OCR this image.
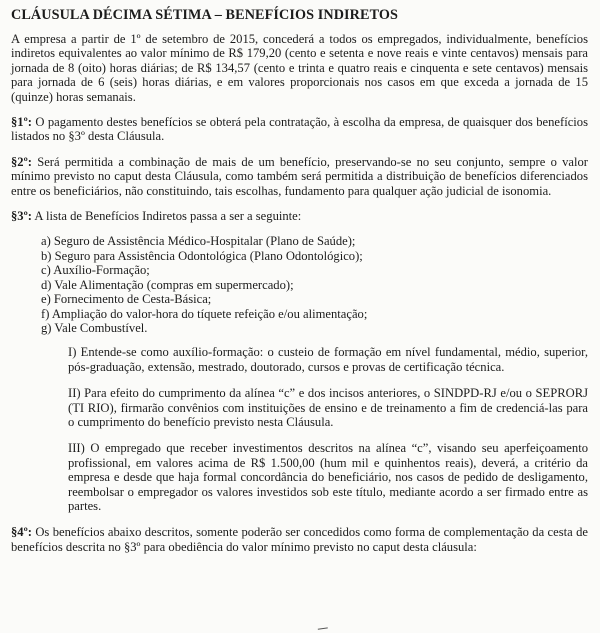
CLÁUSULA DÉCIMA SÉTIMA – BENEFÍCIOS INDIRETOS

A empresa a partir de 1º de setembro de 2015, concederá a todos os empregados, individualmente, benefícios indiretos equivalentes ao valor mínimo de R$ 179,20 (cento e setenta e nove reais e vinte centavos) mensais para jornada de 8 (oito) horas diárias; de R$ 134,57 (cento e trinta e quatro reais e cinquenta e sete centavos) mensais para jornada de 6 (seis) horas diárias, e em valores proporcionais nos casos em que exceda a jornada de 15 (quinze) horas semanais.

§1º: O pagamento destes benefícios se obterá pela contratação, à escolha da empresa, de quaisquer dos benefícios listados no §3º desta Cláusula.

§2º: Será permitida a combinação de mais de um benefício, preservando-se no seu conjunto, sempre o valor mínimo previsto no caput desta Cláusula, como também será permitida a distribuição de benefícios diferenciados entre os beneficiários, não constituindo, tais escolhas, fundamento para qualquer ação judicial de isonomia.

§3º: A lista de Benefícios Indiretos passa a ser a seguinte:

a) Seguro de Assistência Médico-Hospitalar (Plano de Saúde);
b) Seguro para Assistência Odontológica (Plano Odontológico);
c) Auxílio-Formação;
d) Vale Alimentação (compras em supermercado);
e) Fornecimento de Cesta-Básica;
f) Ampliação do valor-hora do tíquete refeição e/ou alimentação;
g) Vale Combustível.

I) Entende-se como auxílio-formação: o custeio de formação em nível fundamental, médio, superior, pós-graduação, extensão, mestrado, doutorado, cursos e provas de certificação técnica.

II) Para efeito do cumprimento da alínea “c” e dos incisos anteriores, o SINDPD-RJ e/ou o SEPRORJ (TI RIO), firmarão convênios com instituições de ensino e de treinamento a fim de credenciá-las para o cumprimento do benefício previsto nesta Cláusula.

III) O empregado que receber investimentos descritos na alínea “c”, visando seu aperfeiçoamento profissional, em valores acima de R$ 1.500,00 (hum mil e quinhentos reais), deverá, a critério da empresa e desde que haja formal concordância do beneficiário, nos casos de pedido de desligamento, reembolsar o empregador os valores investidos sob este título, mediante acordo a ser firmado entre as partes.

§4º: Os benefícios abaixo descritos, somente poderão ser concedidos como forma de complementação da cesta de benefícios descrita no §3º para obediência do valor mínimo previsto no caput desta cláusula:
